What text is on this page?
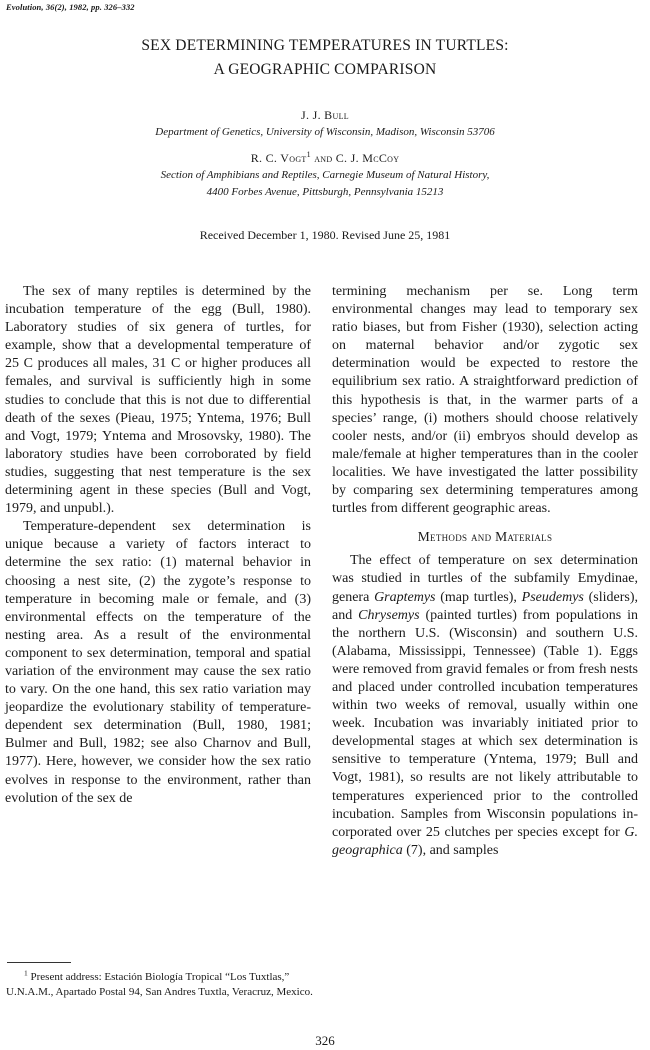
Evolution, 36(2), 1982, pp. 326–332
SEX DETERMINING TEMPERATURES IN TURTLES:
A GEOGRAPHIC COMPARISON
J. J. Bull
Department of Genetics, University of Wisconsin, Madison, Wisconsin 53706
R. C. Vogt$^1$ and C. J. McCoy
Section of Amphibians and Reptiles, Carnegie Museum of Natural History,
4400 Forbes Avenue, Pittsburgh, Pennsylvania 15213
Received December 1, 1980. Revised June 25, 1981

The sex of many reptiles is determined by the incubation temperature of the egg (Bull, 1980). Laboratory studies of six genera of turtles, for example, show that a developmental temperature of 25 C produces all males, 31 C or higher produces all females, and survival is sufficiently high in some studies to conclude that this is not due to differential death of the sexes (Pieau, 1975; Yntema, 1976; Bull and Vogt, 1979; Yntema and Mrosovsky, 1980). The laboratory studies have been corroborated by field studies, suggesting that nest temperature is the sex determining agent in these species (Bull and Vogt, 1979, and unpubl.).

Temperature-dependent sex determination is unique because a variety of factors interact to determine the sex ratio: (1) maternal behavior in choosing a nest site, (2) the zygote’s response to temperature in becoming male or female, and (3) environmental effects on the temperature of the nesting area. As a result of the environmental component to sex determination, temporal and spatial variation of the environment may cause the sex ratio to vary. On the one hand, this sex ratio variation may jeopardize the evolutionary stability of temperature-dependent sex determination (Bull, 1980, 1981; Bulmer and Bull, 1982; see also Charnov and Bull, 1977). Here, however, we consider how the sex ratio evolves in response to the environment, rather than evolution of the sex de

termining mechanism per se. Long term environmental changes may lead to temporary sex ratio biases, but from Fisher (1930), selection acting on maternal behavior and/or zygotic sex determination would be expected to restore the equilibrium sex ratio. A straightforward prediction of this hypothesis is that, in the warmer parts of a species’ range, (i) mothers should choose relatively cooler nests, and/or (ii) embryos should develop as male/​female at higher temperatures than in the cooler localities. We have investigated the latter possibility by comparing sex determining temperatures among turtles from different geographic areas.

Methods and Materials

The effect of temperature on sex determination was studied in turtles of the subfamily Emydinae, genera Graptemys (map turtles), Pseudemys (sliders), and Chrysemys (painted turtles) from populations in the northern U.S. (Wisconsin) and southern U.S. (Alabama, Mississippi, Tennessee) (Table 1). Eggs were removed from gravid females or from fresh nests and placed under controlled incubation temperatures within two weeks of removal, usually within one week. Incubation was invariably initiated prior to developmental stages at which sex determination is sensitive to temperature (Yntema, 1979; Bull and Vogt, 1981), so results are not likely attributable to temperatures experienced prior to the controlled incubation. Samples from Wisconsin populations incorporated over 25 clutches per species except for G. geographica (7), and samples

$^1$ Present address: Estación Biología Tropical “Los Tuxtlas,” U.N.A.M., Apartado Postal 94, San Andres Tuxtla, Veracruz, Mexico.
326
